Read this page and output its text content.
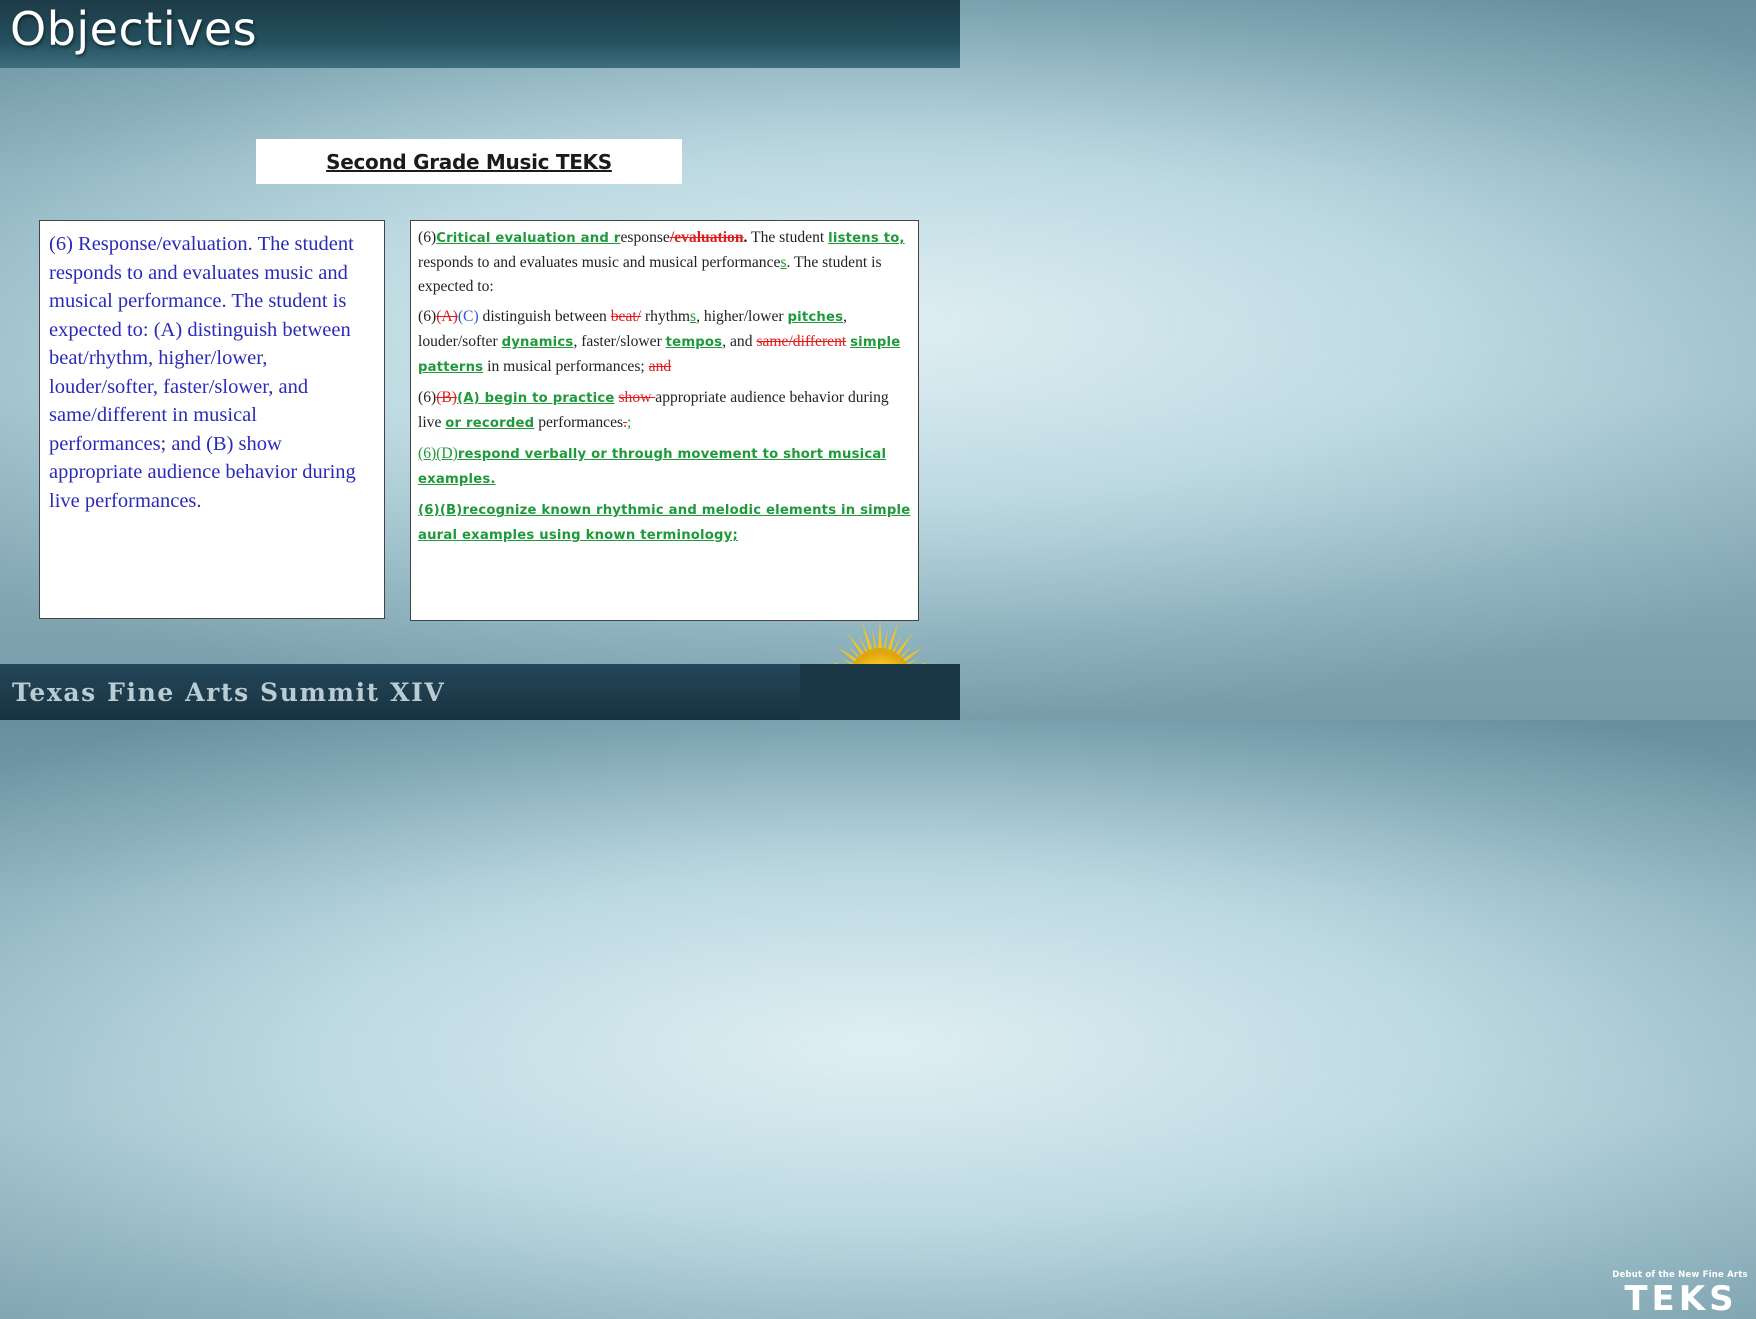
Objectives
Second Grade Music TEKS

(6) Response/evaluation. The student responds to and evaluates music and musical performance. The student is expected to: (A) distinguish between beat/rhythm, higher/lower, louder/softer, faster/slower, and same/different in musical performances; and (B) show appropriate audience behavior during live performances.

(6)Critical evaluation and response/evaluation. The student listens to, responds to and evaluates music and musical performances. The student is expected to:

(6)(A)(C) distinguish between beat/ rhythms, higher/lower pitches, louder/softer dynamics, faster/slower tempos, and same/different simple patterns in musical performances; and

(6)(B)(A) begin to practice show appropriate audience behavior during live or recorded performances.;

(6)(D)respond verbally or through movement to short musical examples.

(6)(B)recognize known rhythmic and melodic elements in simple aural examples using known terminology;

Texas Fine Arts Summit XIV
Debut of the New Fine Arts
TEKS
